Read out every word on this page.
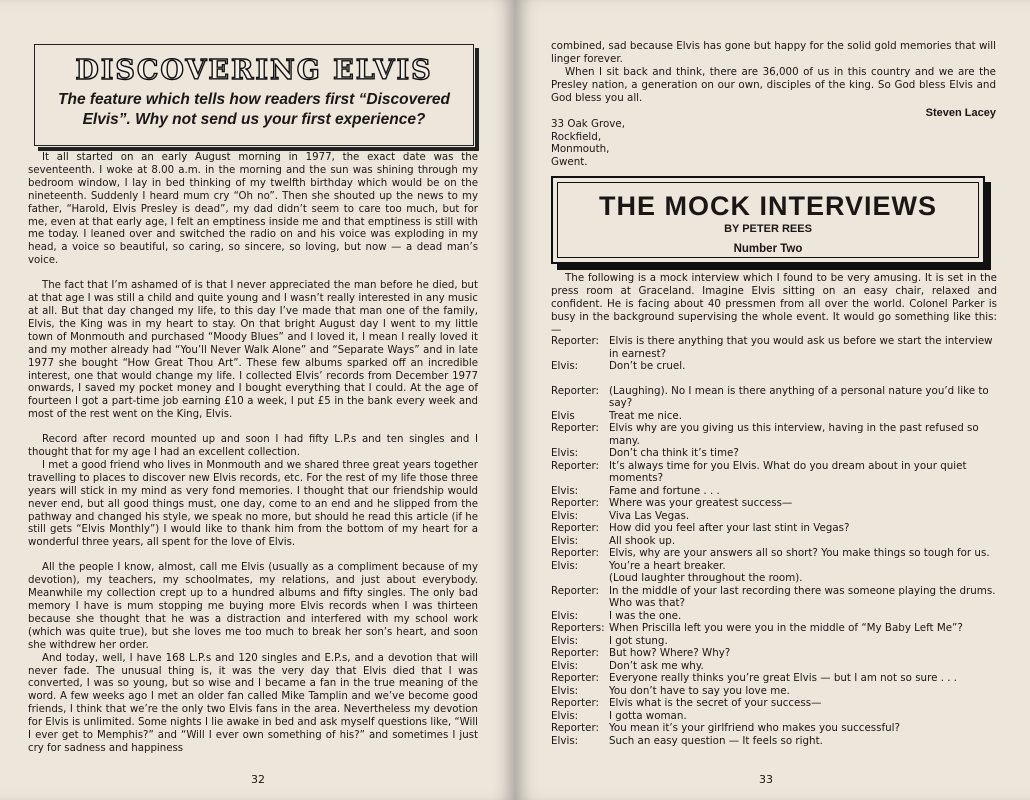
DISCOVERING ELVIS
The feature which tells how readers first “Discovered Elvis”. Why not send us your first experience?

It all started on an early August morning in 1977, the exact date was the seventeenth. I woke at 8.00 a.m. in the morning and the sun was shining through my bedroom window, I lay in bed thinking of my twelfth birthday which would be on the nineteenth. Suddenly I heard mum cry “Oh no”. Then she shouted up the news to my father, “Harold, Elvis Presley is dead”, my dad didn’t seem to care too much, but for me, even at that early age, I felt an emptiness inside me and that emptiness is still with me today. I leaned over and switched the radio on and his voice was exploding in my head, a voice so beautiful, so caring, so sincere, so loving, but now — a dead man’s voice.

The fact that I’m ashamed of is that I never appreciated the man before he died, but at that age I was still a child and quite young and I wasn’t really interested in any music at all. But that day changed my life, to this day I’ve made that man one of the family, Elvis, the King was in my heart to stay. On that bright August day I went to my little town of Monmouth and purchased “Moody Blues” and I loved it, I mean I really loved it and my mother already had “You’ll Never Walk Alone” and “Separate Ways” and in late 1977 she bought “How Great Thou Art”. These few albums sparked off an incredible interest, one that would change my life. I collected Elvis’ records from December 1977 onwards, I saved my pocket money and I bought everything that I could. At the age of fourteen I got a part-time job earning £10 a week, I put £5 in the bank every week and most of the rest went on the King, Elvis.

Record after record mounted up and soon I had fifty L.P.s and ten singles and I thought that for my age I had an excellent collection.

I met a good friend who lives in Monmouth and we shared three great years together travelling to places to discover new Elvis records, etc. For the rest of my life those three years will stick in my mind as very fond memories. I thought that our friendship would never end, but all good things must, one day, come to an end and he slipped from the pathway and changed his style, we speak no more, but should he read this article (if he still gets “Elvis Monthly”) I would like to thank him from the bottom of my heart for a wonderful three years, all spent for the love of Elvis.

All the people I know, almost, call me Elvis (usually as a compliment because of my devotion), my teachers, my schoolmates, my relations, and just about everybody. Meanwhile my collection crept up to a hundred albums and fifty singles. The only bad memory I have is mum stopping me buying more Elvis records when I was thirteen because she thought that he was a distraction and interfered with my school work (which was quite true), but she loves me too much to break her son’s heart, and soon she withdrew her order.

And today, well, I have 168 L.P.s and 120 singles and E.P.s, and a devotion that will never fade. The unusual thing is, it was the very day that Elvis died that I was converted, I was so young, but so wise and I became a fan in the true meaning of the word. A few weeks ago I met an older fan called Mike Tamplin and we’ve become good friends, I think that we’re the only two Elvis fans in the area. Nevertheless my devotion for Elvis is unlimited. Some nights I lie awake in bed and ask myself questions like, “Will I ever get to Memphis?” and “Will I ever own something of his?” and sometimes I just cry for sadness and happiness

32

combined, sad because Elvis has gone but happy for the solid gold memories that will linger forever.

When I sit back and think, there are 36,000 of us in this country and we are the Presley nation, a generation on our own, disciples of the king. So God bless Elvis and God bless you all.

Steven Lacey
33 Oak Grove,
Rockfield,
Monmouth,
Gwent.
THE MOCK INTERVIEWS
BY PETER REES
Number Two
The following is a mock interview which I found to be very amusing. It is set in the press room at Graceland. Imagine Elvis sitting on an easy chair, relaxed and confident. He is facing about 40 pressmen from all over the world. Colonel Parker is busy in the background supervising the whole event. It would go something like this:—
Reporter: Elvis is there anything that you would ask us before we start the interview in earnest?
Elvis:	Don’t be cruel.
Reporter: (Laughing). No I mean is there anything of a personal nature you’d like to say?
Elvis	Treat me nice.
Reporter: Elvis why are you giving us this interview, having in the past refused so many.
Elvis:	Don’t cha think it’s time?
Reporter: It’s always time for you Elvis. What do you dream about in your quiet moments?
Elvis:	Fame and fortune . . .
Reporter: Where was your greatest success—
Elvis:	Viva Las Vegas.
Reporter: How did you feel after your last stint in Vegas?
Elvis:	All shook up.
Reporter: Elvis, why are your answers all so short? You make things so tough for us.
Elvis:	You’re a heart breaker.
(Loud laughter throughout the room).
Reporter: In the middle of your last recording there was someone playing the drums. Who was that?
Elvis:	I was the one.
Reporters: When Priscilla left you were you in the middle of “My Baby Left Me”?
Elvis:	I got stung.
Reporter: But how? Where? Why?
Elvis:	Don’t ask me why.
Reporter: Everyone really thinks you’re great Elvis — but I am not so sure . . .
Elvis:	You don’t have to say you love me.
Reporter: Elvis what is the secret of your success—
Elvis:	I gotta woman.
Reporter: You mean it’s your girlfriend who makes you successful?
Elvis:	Such an easy question — It feels so right.
33
